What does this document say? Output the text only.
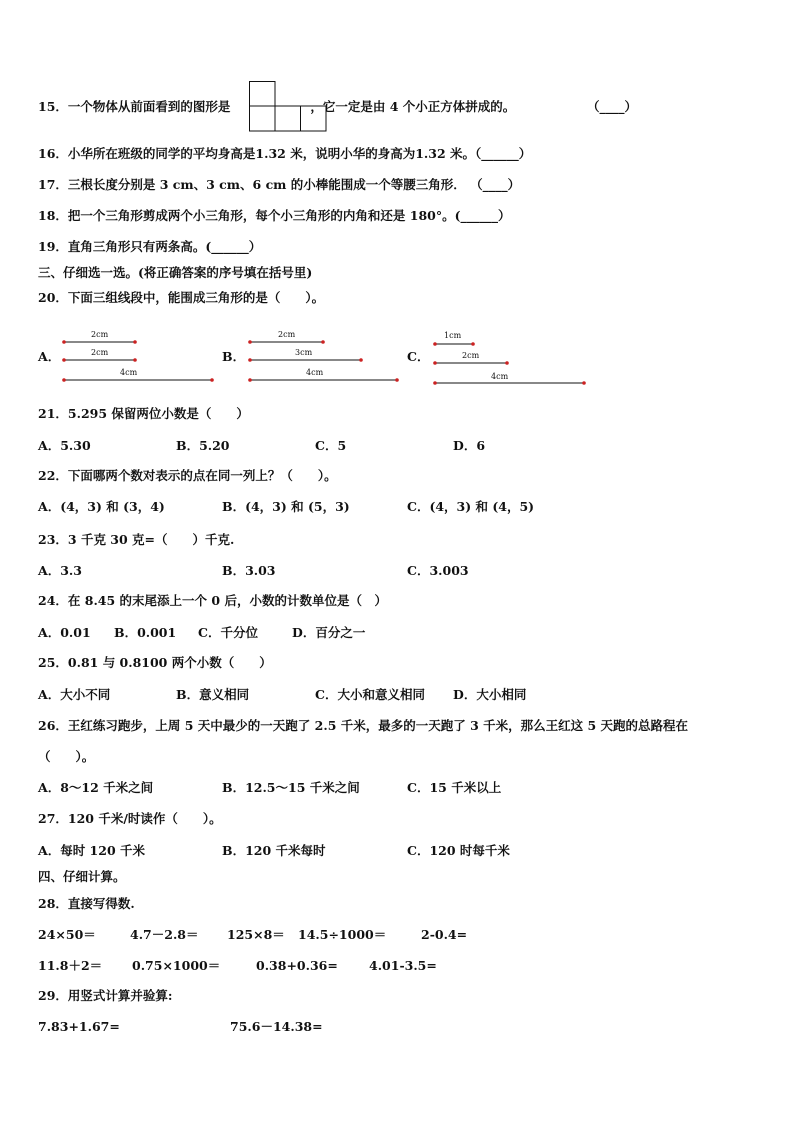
15．一个物体从前面看到的图形是	，它一定是由 4 个小正方体拼成的。	（____）
16．小华所在班级的同学的平均身高是1.32 米，说明小华的身高为1.32 米。（______）
17．三根长度分别是 3 cm、3 cm、6 cm 的小棒能围成一个等腰三角形． （____）
18．把一个三角形剪成两个小三角形，每个小三角形的内角和还是 180°。(______）
19．直角三角形只有两条高。(______）
三、仔细选一选。(将正确答案的序号填在括号里)
20．下面三组线段中，能围成三角形的是（　　）。
A．
2cm
2cm
4cm
B．
2cm
3cm
4cm
C．
1cm
2cm
4cm
21．5.295 保留两位小数是（　　）
A．5.30	B．5.20	C．5	D．6
22．下面哪两个数对表示的点在同一列上？（　　）。
A．(4，3) 和 (3，4)	B．(4，3) 和 (5，3)	C．(4，3) 和 (4，5)
23．3 千克 30 克=（　　）千克.
A．3.3	B．3.03	C．3.003
24．在 8.45 的末尾添上一个 0 后，小数的计数单位是（　）
A．0.01 B．0.001 C．千分位	D．百分之一
25．0.81 与 0.8100 两个小数（　　）
A．大小不同	B．意义相同	C．大小和意义相同 D．大小相同
26．王红练习跑步，上周 5 天中最少的一天跑了 2.5 千米，最多的一天跑了 3 千米，那么王红这 5 天跑的总路程在
（　　）。
A．8～12 千米之间	B．12.5～15 千米之间	C．15 千米以上
27．120 千米/时读作（　　）。
A．每时 120 千米	B．120 千米每时	C．120 时每千米
四、仔细计算。
28．直接写得数.
24×50＝	4.7－2.8＝ 125×8＝ 14.5÷1000＝	2-0.4=
11.8＋2＝ 0.75×1000＝	0.38+0.36= 4.01-3.5=
29．用竖式计算并验算:
7.83+1.67=	75.6－14.38=
